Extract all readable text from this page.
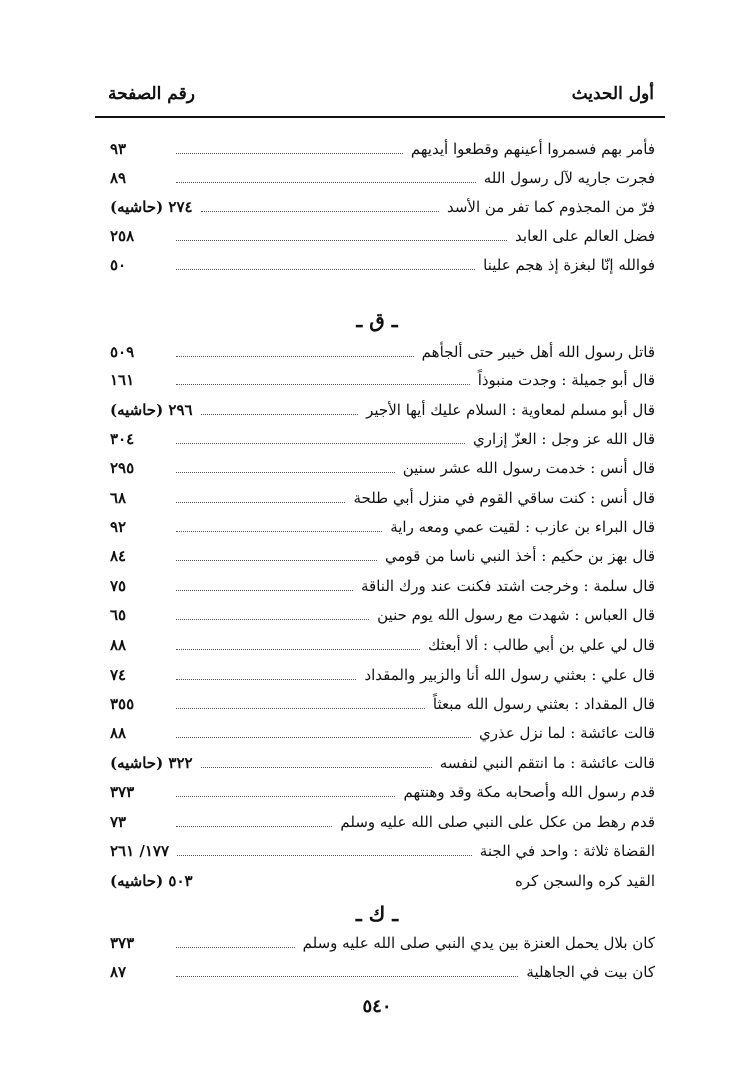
رقم الصفحة	أول الحديث
فأمر بهم فسمروا أعينهم وقطعوا أيديهم
٩٣
فجرت جاريه لآل رسول الله
٨٩
فرّ من المجذوم كما تفر من الأسد
٢٧٤ (حاشيه)
فضل العالم على العابد
٢٥٨
فوالله إنّا لبغزة إذ هجم علينا
٥٠
ـ ق ـ
قاتل رسول الله أهل خيبر حتى ألجأهم
٥٠٩
قال أبو جميلة : وجدت منبوذاً
١٦١
قال أبو مسلم لمعاوية : السلام عليك أيها الأجير
٢٩٦ (حاشيه)
قال الله عز وجل : العزّ إزاري
٣٠٤
قال أنس : خدمت رسول الله عشر سنين
٢٩٥
قال أنس : كنت ساقي القوم في منزل أبي طلحة
٦٨
قال البراء بن عازب : لقيت عمي ومعه راية
٩٢
قال بهز بن حكيم : أخذ النبي ناسا من قومي
٨٤
قال سلمة : وخرجت اشتد فكنت عند ورك الناقة
٧٥
قال العباس : شهدت مع رسول الله يوم حنين
٦٥
قال لي علي بن أبي طالب : ألا أبعثك
٨٨
قال علي : بعثني رسول الله أنا والزبير والمقداد
٧٤
قال المقداد : بعثني رسول الله مبعثاً
٣٥٥
قالت عائشة : لما نزل عذري
٨٨
قالت عائشة : ما انتقم النبي لنفسه
٣٢٢ (حاشيه)
قدم رسول الله وأصحابه مكة وقد وهنتهم
٣٧٣
قدم رهط من عكل على النبي صلى الله عليه وسلم
٧٣
القضاة ثلاثة : واحد في الجنة
١٧٧/ ٢٦١
القيد كره والسجن كره
٥٠٣ (حاشيه)
ـ ك ـ
كان بلال يحمل العنزة بين يدي النبي صلى الله عليه وسلم
٣٧٣
كان بيت في الجاهلية
٨٧
٥٤٠
